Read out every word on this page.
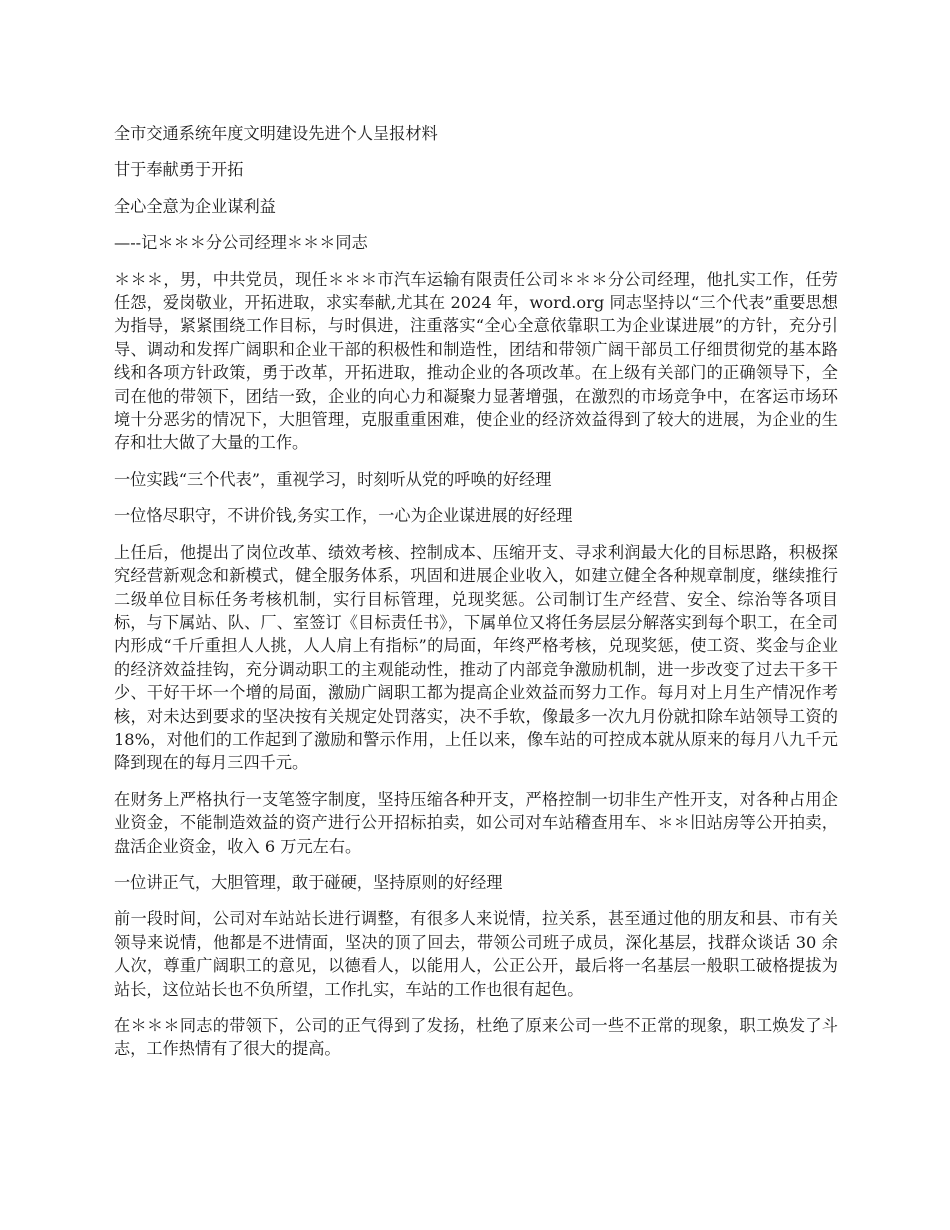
全市交通系统年度文明建设先进个人呈报材料

甘于奉献勇于开拓

全心全意为企业谋利益

—--记＊＊＊分公司经理＊＊＊同志

＊＊＊，男，中共党员，现任＊＊＊市汽车运输有限责任公司＊＊＊分公司经理，他扎实工作，任劳任怨，爱岗敬业，开拓进取，求实奉献,尤其在 2024 年，word.org 同志坚持以“三个代表”重要思想为指导，紧紧围绕工作目标，与时俱进，注重落实“全心全意依靠职工为企业谋进展”的方针，充分引导、调动和发挥广阔职和企业干部的积极性和制造性，团结和带领广阔干部员工仔细贯彻党的基本路线和各项方针政策，勇于改革，开拓进取，推动企业的各项改革。在上级有关部门的正确领导下，全司在他的带领下，团结一致，企业的向心力和凝聚力显著增强，在激烈的市场竞争中，在客运市场环境十分恶劣的情况下，大胆管理，克服重重困难，使企业的经济效益得到了较大的进展，为企业的生存和壮大做了大量的工作。

一位实践“三个代表”，重视学习，时刻听从党的呼唤的好经理

一位恪尽职守，不讲价钱,务实工作，一心为企业谋进展的好经理

上任后，他提出了岗位改革、绩效考核、控制成本、压缩开支、寻求利润最大化的目标思路，积极探究经营新观念和新模式，健全服务体系，巩固和进展企业收入，如建立健全各种规章制度，继续推行二级单位目标任务考核机制，实行目标管理，兑现奖惩。公司制订生产经营、安全、综治等各项目标，与下属站、队、厂、室签订《目标责任书》，下属单位又将任务层层分解落实到每个职工，在全司内形成“千斤重担人人挑，人人肩上有指标”的局面，年终严格考核，兑现奖惩，使工资、奖金与企业的经济效益挂钩，充分调动职工的主观能动性，推动了内部竞争激励机制，进一步改变了过去干多干少、干好干坏一个增的局面，激励广阔职工都为提高企业效益而努力工作。每月对上月生产情况作考核，对未达到要求的坚决按有关规定处罚落实，决不手软，像最多一次九月份就扣除车站领导工资的 18%，对他们的工作起到了激励和警示作用，上任以来，像车站的可控成本就从原来的每月八九千元降到现在的每月三四千元。

在财务上严格执行一支笔签字制度，坚持压缩各种开支，严格控制一切非生产性开支，对各种占用企业资金，不能制造效益的资产进行公开招标拍卖，如公司对车站稽查用车、＊＊旧站房等公开拍卖，盘活企业资金，收入 6 万元左右。

一位讲正气，大胆管理，敢于碰硬，坚持原则的好经理

前一段时间，公司对车站站长进行调整，有很多人来说情，拉关系，甚至通过他的朋友和县、市有关领导来说情，他都是不进情面，坚决的顶了回去，带领公司班子成员，深化基层，找群众谈话 30 余人次，尊重广阔职工的意见，以德看人，以能用人，公正公开，最后将一名基层一般职工破格提拔为站长，这位站长也不负所望，工作扎实，车站的工作也很有起色。

在＊＊＊同志的带领下，公司的正气得到了发扬，杜绝了原来公司一些不正常的现象，职工焕发了斗志，工作热情有了很大的提高。
